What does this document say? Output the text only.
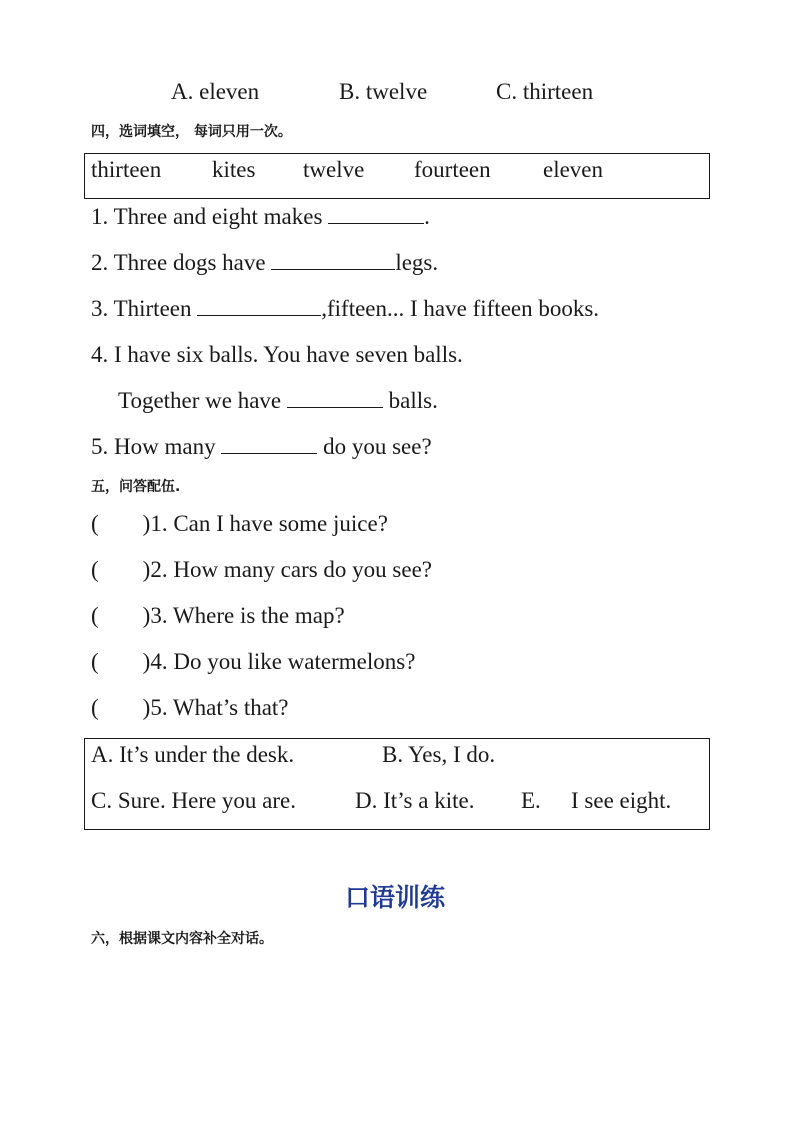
A. eleven	B. twelve	C. thirteen
四，选词填空， 每词只用一次。
thirteen kites twelve fourteen eleven
1. Three and eight makes	.
2. Three dogs have	legs.
3. Thirteen	,fifteen... I have fifteen books.
4. I have six balls. You have seven balls.
Together we have	balls.
5. How many	do you see?
五，问答配伍.
( )1. Can I have some juice?
( )2. How many cars do you see?
( )3. Where is the map?
( )4. Do you like watermelons?
( )5. What’s that?
A. It’s under the desk.	B. Yes, I do.
C. Sure. Here you are.	D. It’s a kite. E. I see eight.
口语训练
六，根据课文内容补全对话。
